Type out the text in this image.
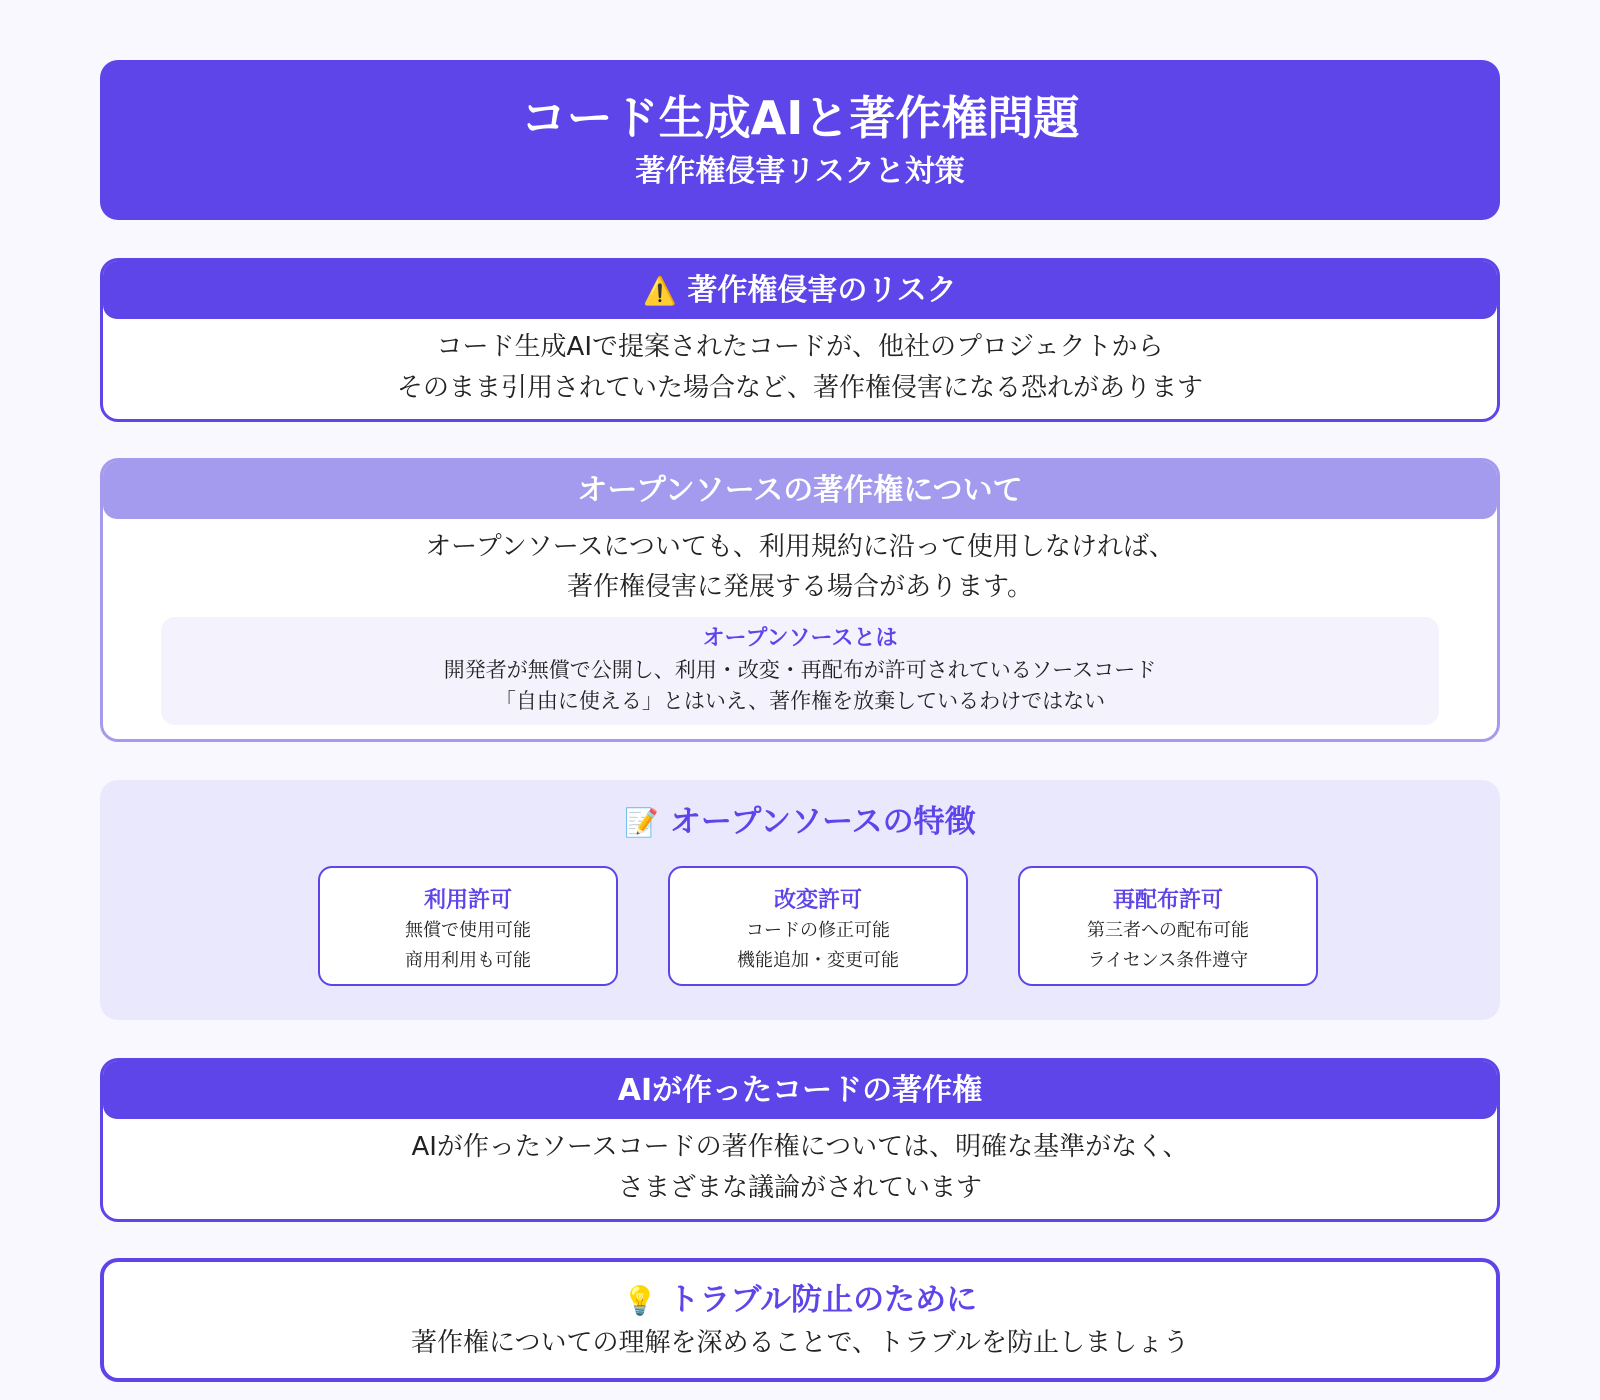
コード生成AIと著作権問題
著作権侵害リスクと対策
⚠️ 著作権侵害のリスク
コード生成AIで提案されたコードが、他社のプロジェクトから
そのまま引用されていた場合など、著作権侵害になる恐れがあります
オープンソースの著作権について
オープンソースについても、利用規約に沿って使用しなければ、
著作権侵害に発展する場合があります。
オープンソースとは
開発者が無償で公開し、利用・改変・再配布が許可されているソースコード
「自由に使える」とはいえ、著作権を放棄しているわけではない
📝 オープンソースの特徴
利用許可
無償で使用可能
商用利用も可能
改変許可
コードの修正可能
機能追加・変更可能
再配布許可
第三者への配布可能
ライセンス条件遵守
AIが作ったコードの著作権
AIが作ったソースコードの著作権については、明確な基準がなく、
さまざまな議論がされています
💡 トラブル防止のために
著作権についての理解を深めることで、トラブルを防止しましょう
